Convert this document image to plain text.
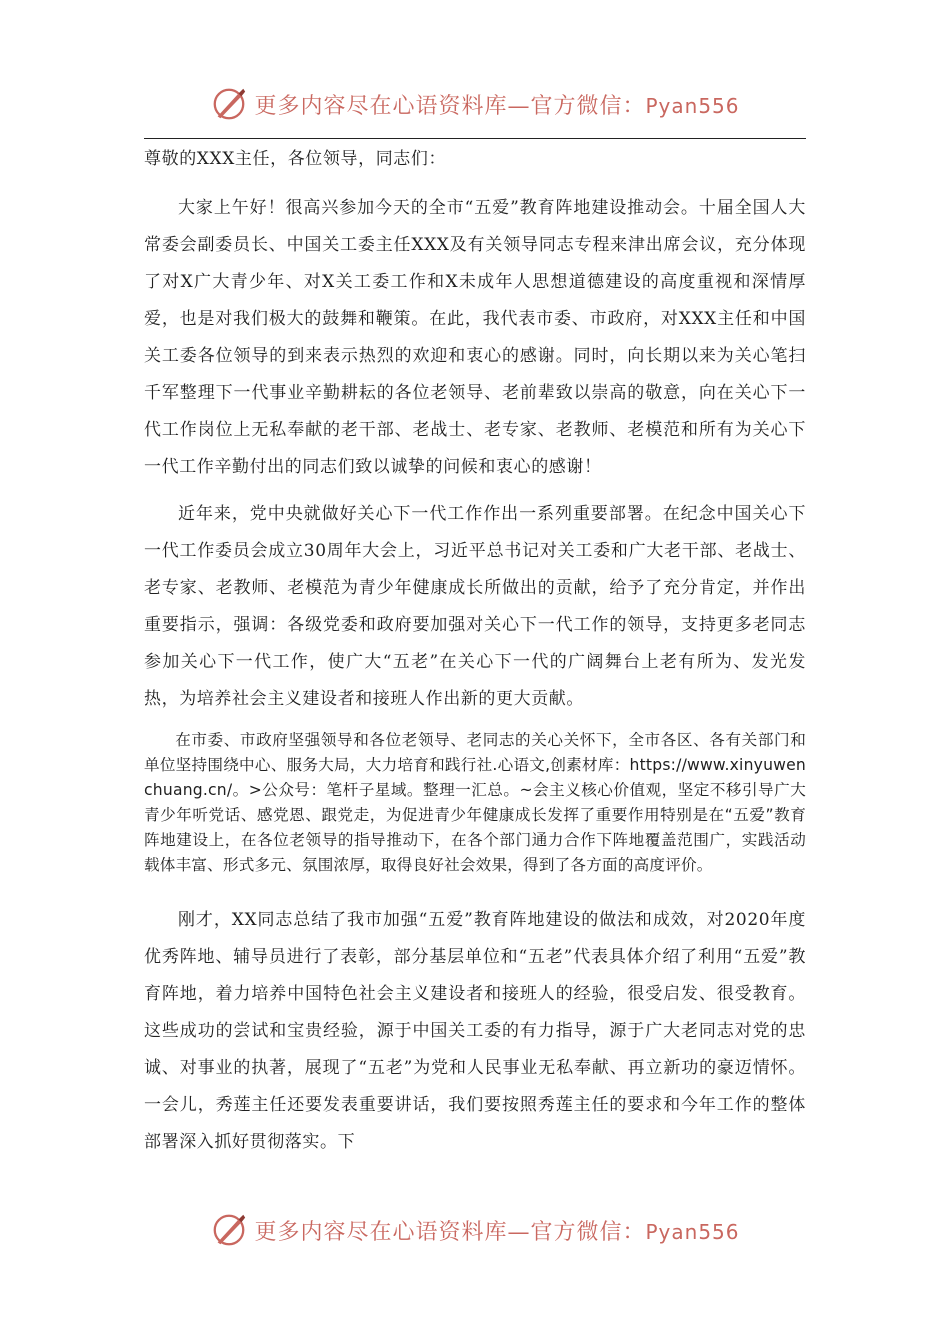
更多内容尽在心语资料库—官方微信：Pyan556

尊敬的XXX主任，各位领导，同志们：

大家上午好！很高兴参加今天的全市“五爱”教育阵地建设推动会。十届全国人大常委会副委员长、中国关工委主任XXX及有关领导同志专程来津出席会议，充分体现了对X广大青少年、对X关工委工作和X未成年人思想道德建设的高度重视和深情厚爱，也是对我们极大的鼓舞和鞭策。在此，我代表市委、市政府，对XXX主任和中国关工委各位领导的到来表示热烈的欢迎和衷心的感谢。同时，向长期以来为关心笔扫千军整理下一代事业辛勤耕耘的各位老领导、老前辈致以崇高的敬意，向在关心下一代工作岗位上无私奉献的老干部、老战士、老专家、老教师、老模范和所有为关心下一代工作辛勤付出的同志们致以诚挚的问候和衷心的感谢！

近年来，党中央就做好关心下一代工作作出一系列重要部署。在纪念中国关心下一代工作委员会成立30周年大会上，习近平总书记对关工委和广大老干部、老战士、老专家、老教师、老模范为青少年健康成长所做出的贡献，给予了充分肯定，并作出重要指示，强调：各级党委和政府要加强对关心下一代工作的领导，支持更多老同志参加关心下一代工作，使广大“五老”在关心下一代的广阔舞台上老有所为、发光发热，为培养社会主义建设者和接班人作出新的更大贡献。

在市委、市政府坚强领导和各位老领导、老同志的关心关怀下，全市各区、各有关部门和单位坚持围绕中心、服务大局，大力培育和践行社.心语文,创素材库：https://www.xinyuwenchuang.cn/。>公众号：笔杆子星域。整理一汇总。~会主义核心价值观，坚定不移引导广大青少年听党话、感党恩、跟党走，为促进青少年健康成长发挥了重要作用特别是在“五爱”教育阵地建设上，在各位老领导的指导推动下，在各个部门通力合作下阵地覆盖范围广，实践活动载体丰富、形式多元、氛围浓厚，取得良好社会效果，得到了各方面的高度评价。

刚才，XX同志总结了我市加强“五爱”教育阵地建设的做法和成效，对2020年度优秀阵地、辅导员进行了表彰，部分基层单位和“五老”代表具体介绍了利用“五爱”教育阵地，着力培养中国特色社会主义建设者和接班人的经验，很受启发、很受教育。这些成功的尝试和宝贵经验，源于中国关工委的有力指导，源于广大老同志对党的忠诚、对事业的执著，展现了“五老”为党和人民事业无私奉献、再立新功的豪迈情怀。一会儿，秀莲主任还要发表重要讲话，我们要按照秀莲主任的要求和今年工作的整体部署深入抓好贯彻落实。下

更多内容尽在心语资料库—官方微信：Pyan556
